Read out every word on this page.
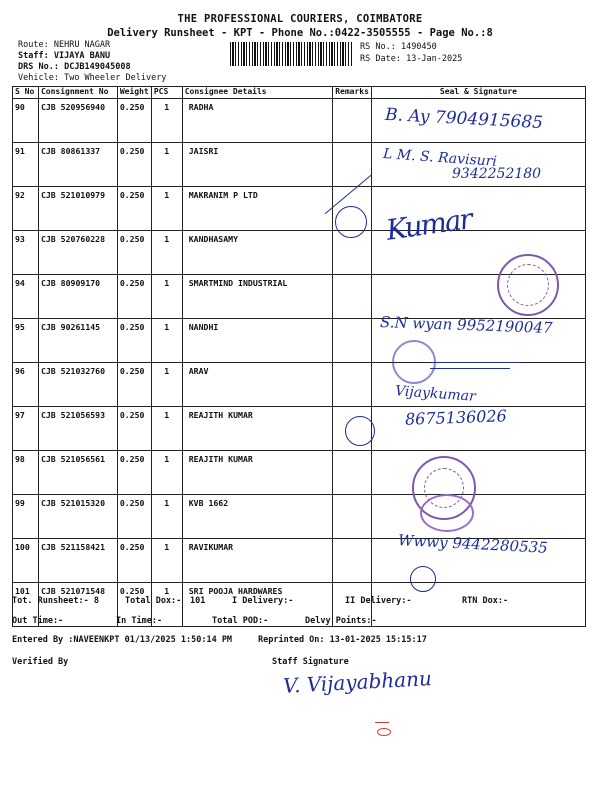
THE PROFESSIONAL COURIERS, COIMBATORE
Delivery Runsheet - KPT - Phone No.:0422-3505555 - Page No.:8
Route: NEHRU NAGAR
Staff: VIJAYA BANU
DRS No.: DCJB149045008
Vehicle: Two Wheeler Delivery
RS No.: 1490450
RS Date: 13-Jan-2025
S No	Consignment No	Weight	PCS	Consignee Details	Remarks	Seal & Signature
90	CJB 520956940	0.250	1	RADHA		
91	CJB 80861337	0.250	1	JAISRI		
92	CJB 521010979	0.250	1	MAKRANIM P LTD		
93	CJB 520760228	0.250	1	KANDHASAMY		
94	CJB 80909170	0.250	1	SMARTMIND INDUSTRIAL		
95	CJB 90261145	0.250	1	NANDHI		
96	CJB 521032760	0.250	1	ARAV		
97	CJB 521056593	0.250	1	REAJITH KUMAR		
98	CJB 521056561	0.250	1	REAJITH KUMAR		
99	CJB 521015320	0.250	1	KVB 1662		
100	CJB 521158421	0.250	1	RAVIKUMAR		
101	CJB 521071548	0.250	1	SRI POOJA HARDWARES		
B. Ay 7904915685
L M. S. Ravisuri
9342252180
Kumar
S.N wyan 9952190047
Vijaykumar
8675136026
Wwwy 9442280535
Tot. Runsheet:- 8	Total Dox:- 101	I Delivery:-	II Delivery:-	RTN Dox:-
Out Time:-	In Time:-	Total POD:-	Delvy Points:-
Entered By :NAVEENKPT 01/13/2025 1:50:14 PM	Reprinted On: 13-01-2025 15:15:17
Verified By	Staff Signature
V. Vijayabhanu
